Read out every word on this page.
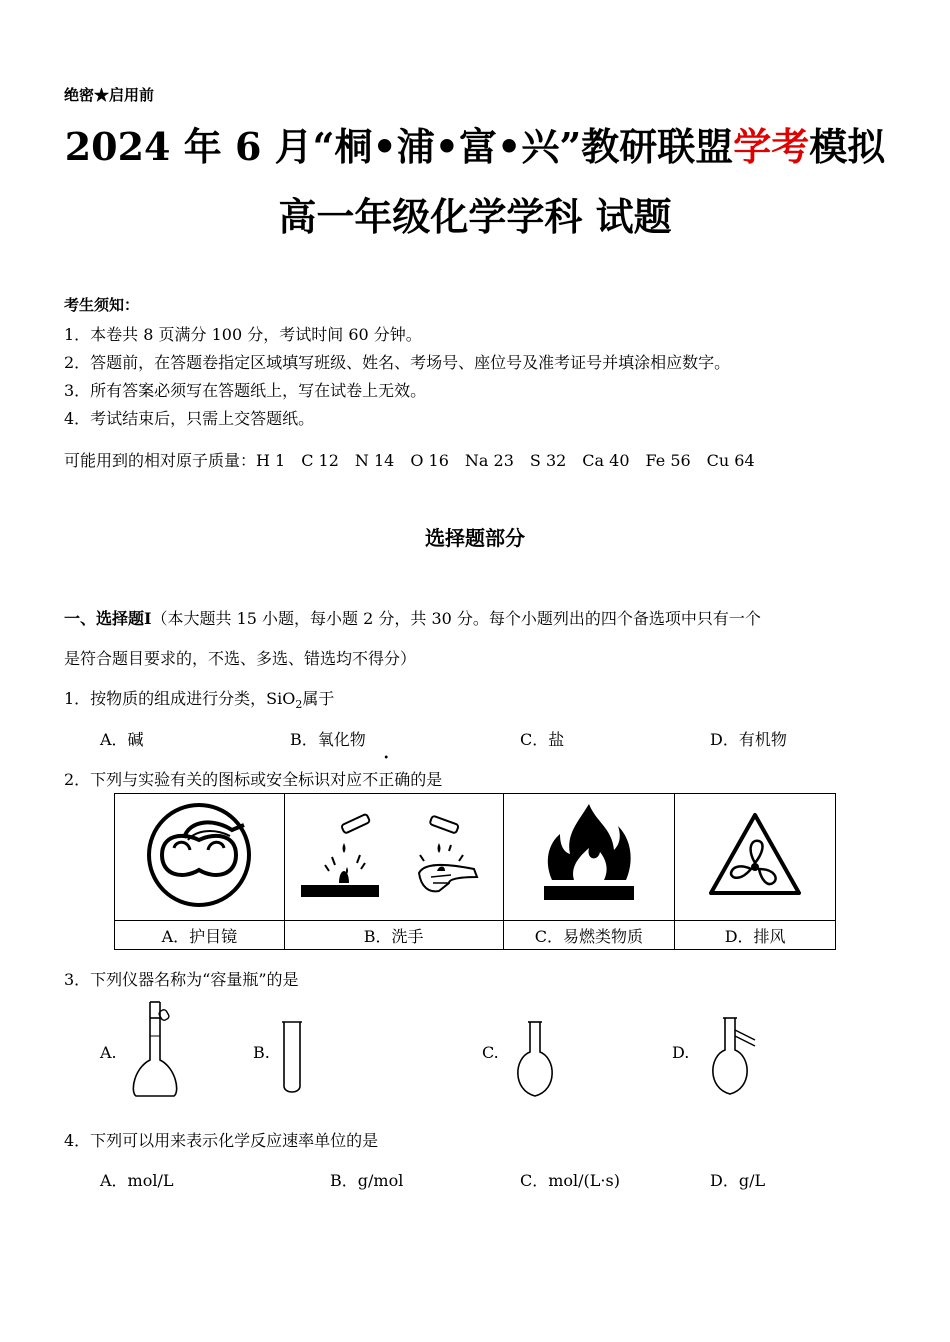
绝密★启用前
2024 年 6 月“桐•浦•富•兴”教研联盟学考模拟
高一年级化学学科 试题
考生须知：
1．本卷共 8 页满分 100 分，考试时间 60 分钟。
2．答题前，在答题卷指定区域填写班级、姓名、考场号、座位号及准考证号并填涂相应数字。
3．所有答案必须写在答题纸上，写在试卷上无效。
4．考试结束后，只需上交答题纸。
可能用到的相对原子质量：H 1　C 12　N 14　O 16　Na 23　S 32　Ca 40　Fe 56　Cu 64
选择题部分
一、选择题Ⅰ（本大题共 15 小题，每小题 2 分，共 30 分。每个小题列出的四个备选项中只有一个
是符合题目要求的，不选、多选、错选均不得分）
1．按物质的组成进行分类，SiO$_2$属于
A．碱	B．氧化物	C．盐	D．有机物
2．下列与实验有关的图标或安全标识对应不正确的是

A．护目镜	B．洗手	C．易燃类物质	D．排风
3．下列仪器名称为“容量瓶”的是
A.	B.	C.	D.
4．下列可以用来表示化学反应速率单位的是
A．mol/L	B．g/mol	C．mol/(L·s)	D．g/L
